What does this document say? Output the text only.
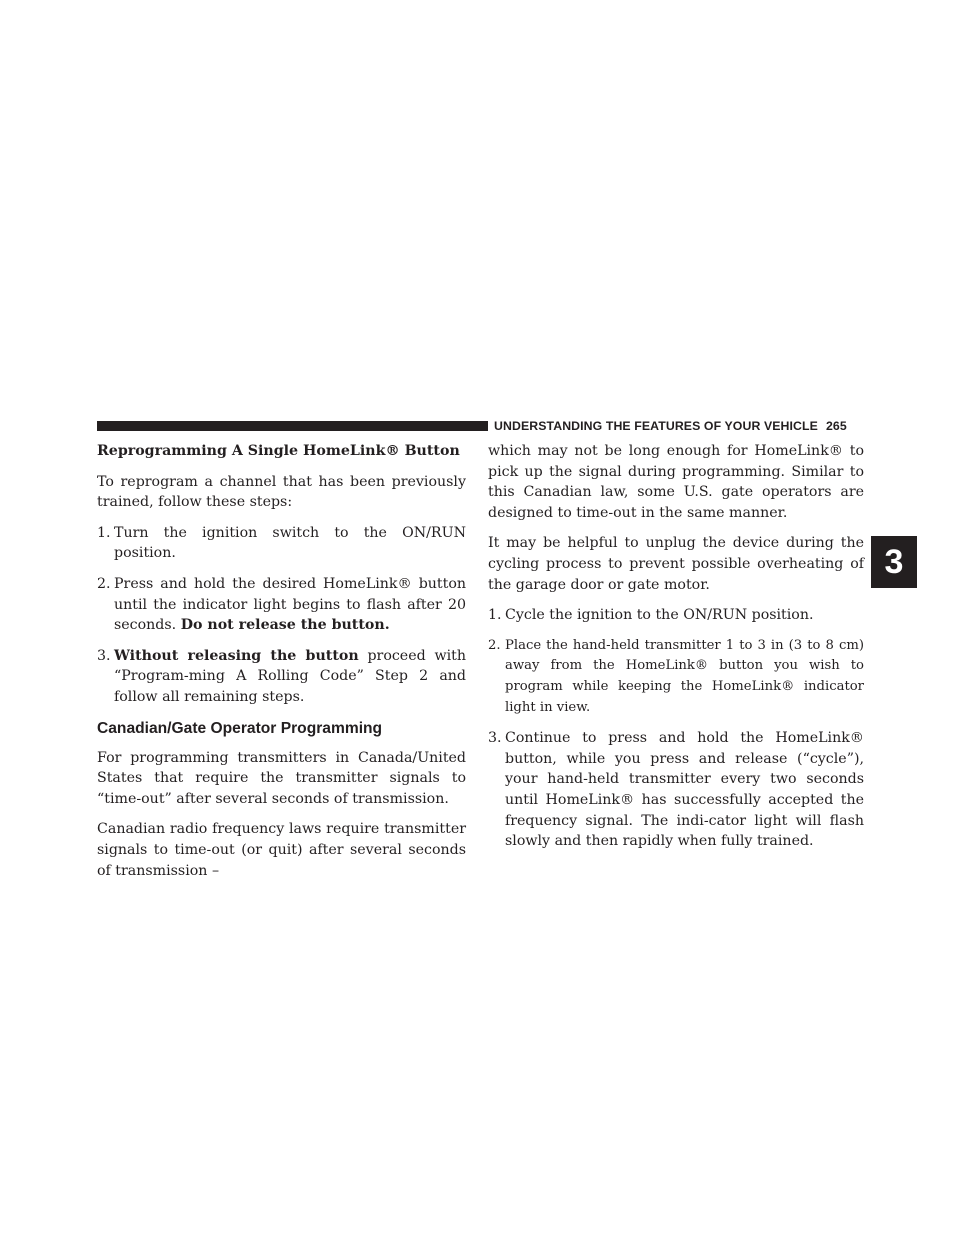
UNDERSTANDING THE FEATURES OF YOUR VEHICLE 265
3
Reprogramming A Single HomeLink® Button

To reprogram a channel that has been previously trained, follow these steps:

1. Turn the ignition switch to the ON/RUN position.
2. Press and hold the desired HomeLink® button until the indicator light begins to flash after 20 seconds. Do not release the button.
3. Without releasing the button proceed with “Program-ming A Rolling Code” Step 2 and follow all remaining steps.
Canadian/Gate Operator Programming

For programming transmitters in Canada/United States that require the transmitter signals to “time-out” after several seconds of transmission.

Canadian radio frequency laws require transmitter signals to time-out (or quit) after several seconds of transmission –

which may not be long enough for HomeLink® to pick up the signal during programming. Similar to this Canadian law, some U.S. gate operators are designed to time-out in the same manner.

It may be helpful to unplug the device during the cycling process to prevent possible overheating of the garage door or gate motor.

1. Cycle the ignition to the ON/RUN position.
2. Place the hand-held transmitter 1 to 3 in (3 to 8 cm) away from the HomeLink® button you wish to program while keeping the HomeLink® indicator light in view.
3. Continue to press and hold the HomeLink® button, while you press and release (“cycle”), your hand-held transmitter every two seconds until HomeLink® has successfully accepted the frequency signal. The indi-cator light will flash slowly and then rapidly when fully trained.
